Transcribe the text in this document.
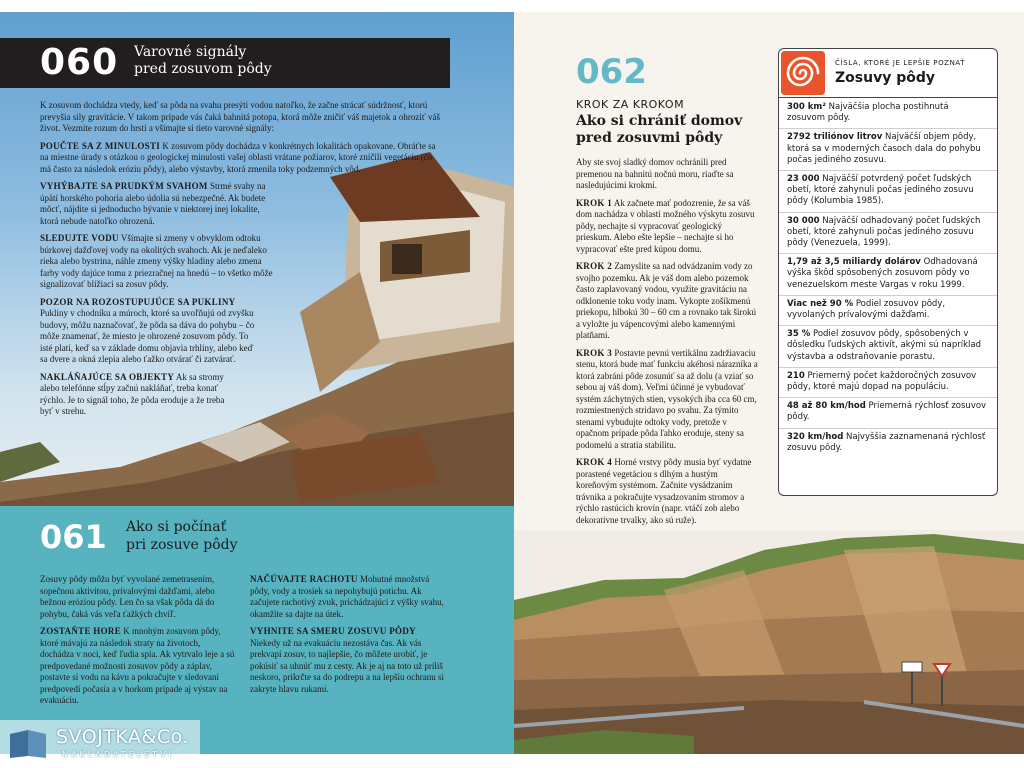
060 Varovné signály
pred zosuvom pôdy

K zosuvom dochádza vtedy, keď sa pôda na svahu presýti vodou natoľko, že začne strácať súdržnosť, ktorú prevyšia sily gravitácie. V takom prípade vás čaká bahnitá potopa, ktorá môže zničiť váš majetok a ohroziť váš život. Vezmite rozum do hrstí a všímajte si tieto varovné signály:

POUČTE SA Z MINULOSTI K zosuvom pôdy dochádza v konkrétnych lokalitách opakovane. Obráťte sa na miestne úrady s otázkou o geologickej minulosti vašej oblasti vrátane požiarov, ktoré zničili vegetáciu (čo má často za následok eróziu pôdy), alebo výstavby, ktorá zmenila toky podzemných vôd.

VYHÝBAJTE SA PRUDKÝM SVAHOM Strmé svahy na úpätí horského pohoria alebo údolia sú nebezpečné. Ak budete môcť, nájdite si jednoducho bývanie v niektorej inej lokalite, ktorá nebude natoľko ohrozená.

SLEDUJTE VODU Všímajte si zmeny v obvyklom odtoku búrkovej dažďovej vody na okolitých svahoch. Ak je neďaleko rieka alebo bystrina, náhle zmeny výšky hladiny alebo zmena farby vody dajúce tomu z priezračnej na hnedú – to všetko môže signalizovať blížiaci sa zosuv pôdy.

POZOR NA ROZOSTUPUJÚCE SA PUKLINY Pukliny v chodníku a múroch, ktoré sa uvoľňujú od zvyšku budovy, môžu naznačovať, že pôda sa dáva do pohybu – čo môže znamenať, že miesto je ohrozené zosuvom pôdy. To isté platí, keď sa v základe domu objavia trhliny, alebo keď sa dvere a okná zlepia alebo ťažko otvárať či zatvárať.

NAKLÁŇAJÚCE SA OBJEKTY Ak sa stromy alebo telefónne stĺpy začnú nakláňať, treba konať rýchlo. Je to signál toho, že pôda eroduje a že treba byť v strehu.

061 Ako si počínať
pri zosuve pôdy

Zosuvy pôdy môžu byť vyvolané zemetrasením, sopečnou aktivitou, prívalovými dažďami, alebo bežnou eróziou pôdy. Len čo sa však pôda dá do pohybu, čaká vás veľa ťažkých chvíľ.

ZOSTAŇTE HORE K mnohým zosuvom pôdy, ktoré mávajú za následok straty na životoch, dochádza v noci, keď ľudia spia. Ak vytrvalo leje a sú predpovedané možnosti zosuvov pôdy a záplav, postavte si vodu na kávu a pokračujte v sledovaní predpovedí počasia a v horkom prípade aj výstav na evakuáciu.

NAČÚVAJTE RACHOTU Mohutné množstvá pôdy, vody a trosiek sa nepohybujú potichu. Ak začujete rachotivý zvuk, prichádzajúci z výšky svahu, okamžite sa dajte na útek.

VYHNITE SA SMERU ZOSUVU PÔDY Niekedy už na evakuáciu nezostáva čas. Ak vás prekvapí zosuv, to najlepšie, čo môžete urobiť, je pokúsiť sa uhnúť mu z cesty. Ak je aj na toto už príliš neskoro, prikrčte sa do podrepu a na lepšiu ochranu si zakryte hlavu rukami.

SVOJTKA&Co.
NAKLADATELSTVÍ
062
KROK ZA KROKOM
Ako si chrániť domov
pred zosuvmi pôdy

Aby ste svoj sladký domov ochránili pred premenou na bahnitú nočnú moru, riaďte sa nasledujúcimi krokmi.

KROK 1 Ak začnete mať podozrenie, že sa váš dom nachádza v oblasti možného výskytu zosuvu pôdy, nechajte si vypracovať geologický prieskum. Alebo ešte lepšie – nechajte si ho vypracovať ešte pred kúpou domu.

KROK 2 Zamyslite sa nad odvádzaním vody zo svojho pozemku. Ak je váš dom alebo pozemok často zaplavovaný vodou, využite gravitáciu na odklonenie toku vody inam. Vykopte zošikmenú priekopu, hlbokú 30 – 60 cm a rovnako tak širokú a vyložte ju vápencovými alebo kamennými platňami.

KROK 3 Postavte pevnú vertikálnu zadržiavaciu stenu, ktorá bude mať funkciu akéhosi nárazníka a ktorá zabráni pôde zosunúť sa až dolu (a vziať so sebou aj váš dom). Veľmi účinné je vybudovať systém záchytných stien, vysokých iba cca 60 cm, rozmiestnených stridavo po svahu. Za týmito stenami vybudujte odtoky vody, pretože v opačnom prípade pôda ľahko eroduje, steny sa podomelú a stratia stabilitu.

KROK 4 Horné vrstvy pôdy musia byť vydatne porastené vegetáciou s dlhým a hustým koreňovým systémom. Začnite vysádzaním trávnika a pokračujte vysadzovaním stromov a rýchlo rastúcich krovín (napr. vtáčí zob alebo dekoratívne trvalky, ako sú ruže).

ČÍSLA, KTORÉ JE LEPŠIE POZNAŤ
Zosuvy pôdy
300 km² Najväčšia plocha postihnutá zosuvom pôdy.
2792 triliónov litrov Najväčší objem pôdy, ktorá sa v moderných časoch dala do pohybu počas jediného zosuvu.
23 000 Najväčší potvrdený počet ľudských obetí, ktoré zahynuli počas jediného zosuvu pôdy (Kolumbia 1985).
30 000 Najväčší odhadovaný počet ľudských obetí, ktoré zahynuli počas jediného zosuvu pôdy (Venezuela, 1999).
1,79 až 3,5 miliardy dolárov Odhadovaná výška škôd spôsobených zosuvom pôdy vo venezuelskom meste Vargas v roku 1999.
Viac než 90 % Podiel zosuvov pôdy, vyvolaných prívalovými dažďami.
35 % Podiel zosuvov pôdy, spôsobených v dôsledku ľudských aktivít, akými sú napríklad výstavba a odstraňovanie porastu.
210 Priemerný počet každoročných zosuvov pôdy, ktoré majú dopad na populáciu.
48 až 80 km/hod Priemerná rýchlosť zosuvov pôdy.
320 km/hod Najvyššia zaznamenaná rýchlosť zosuvu pôdy.
